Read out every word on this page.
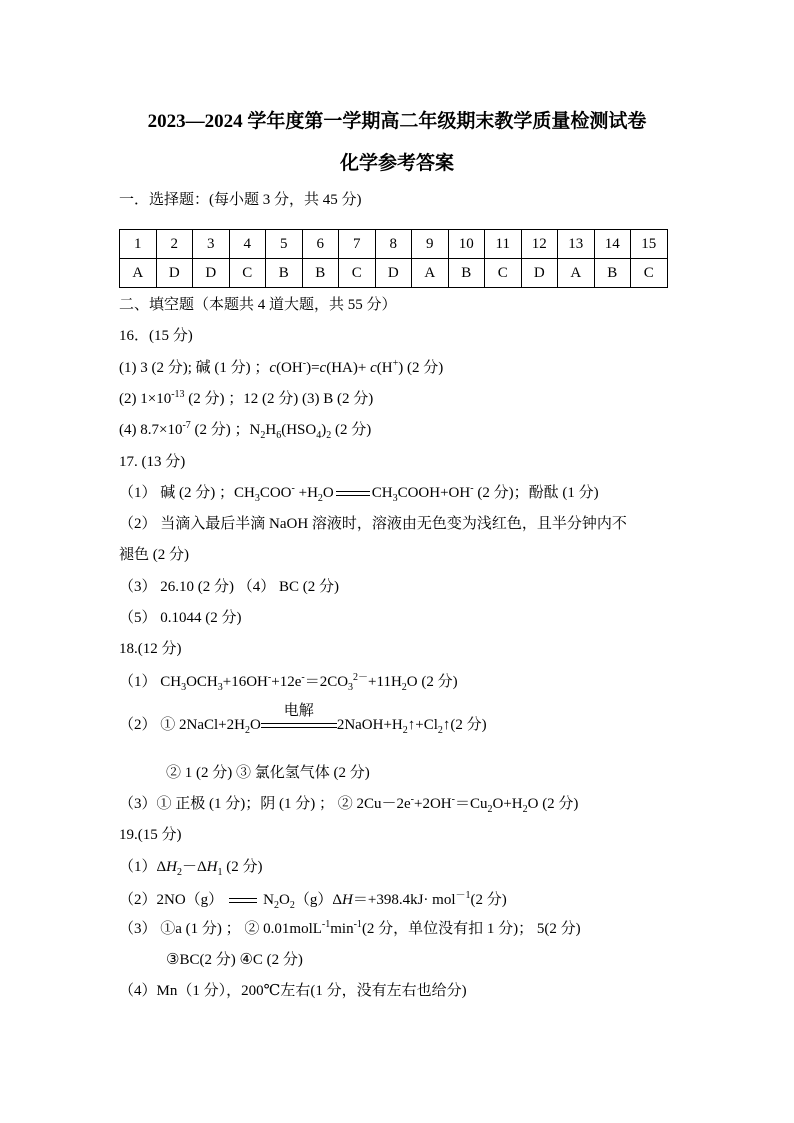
2023—2024 学年度第一学期高二年级期末教学质量检测试卷
化学参考答案
一．选择题：(每小题 3 分，共 45 分)
1	2	3	4	5	6	7	8	9	10	11	12	13	14	15
A	D	D	C	B	B	C	D	A	B	C	D	A	B	C
二、填空题（本题共 4 道大题，共 55 分）
16．(15 分)
(1) 3 (2 分); 碱 (1 分) ；c(OH-)=c(HA)+ c(H+) (2 分)
(2) $1\times 10^{-13}$ (2 分) ；12 (2 分) (3) B (2 分)
(4) $8.7\times 10^{-7}$ (2 分) ；$N_2H_6(HSO_4)_2$ (2 分)
17. (13 分)
（1） 碱 (2 分) ；$CH_3COO^- +H_2O$	$CH_3COOH+OH^-$ (2 分)；酚酞 (1 分)
（2） 当滴入最后半滴 NaOH 溶液时，溶液由无色变为浅红色，且半分钟内不
褪色 (2 分)
（3） 26.10 (2 分) （4） BC (2 分)
（5） 0.1044 (2 分)
18.(12 分)
（1） $CH_3OCH_3+16OH^-+12e^-=2CO_3^{2-}+11H_2O$ (2 分)
（2） ① $2NaCl+2H_2O$
电解
$2NaOH+H_2↑+Cl_2↑(2$ 分)
② 1 (2 分) ③ 氯化氢气体 (2 分)
（3）① 正极 (1 分)；阴 (1 分) ； ② $2Cu-2e^-+2OH^-=Cu_2O+H_2O$ (2 分)
19.(15 分)
$(1)\Delta H_2-\Delta H_1$ (2 分)
（2）2NO（g）	$N_2O_2(g)\Delta H=+398.4kJ\cdot mol^{-1}(2$ 分)
（3） ①a (1 分) ； ② $0.01molL^{-1}\min^{-1}(2$ 分，单位没有扣 1 分)； 5(2 分)
③BC(2 分) ④C (2 分)
（4）Mn（1 分），200℃左右(1 分，没有左右也给分)
